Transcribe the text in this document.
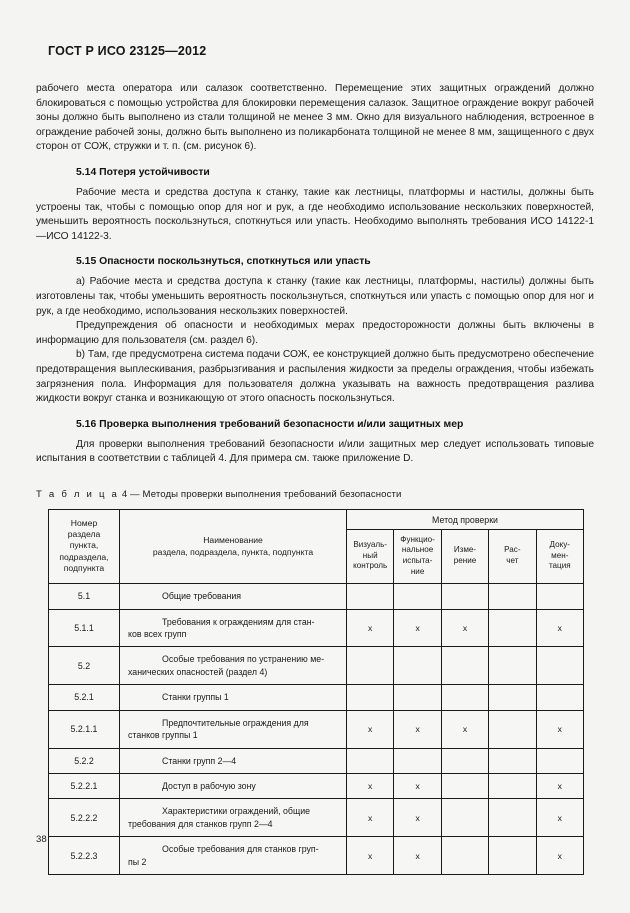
ГОСТ Р ИСО 23125—2012

рабочего места оператора или салазок соответственно. Перемещение этих защитных ограждений должно блокироваться с помощью устройства для блокировки перемещения салазок. Защитное ограждение вокруг рабочей зоны должно быть выполнено из стали толщиной не менее 3 мм. Окно для визуального наблюдения, встроенное в ограждение рабочей зоны, должно быть выполнено из поликарбоната толщиной не менее 8 мм, защищенного с двух сторон от СОЖ, стружки и т. п. (см. рисунок 6).

5.14 Потеря устойчивости

Рабочие места и средства доступа к станку, такие как лестницы, платформы и настилы, должны быть устроены так, чтобы с помощью опор для ног и рук, а где необходимо использование нескользких поверхностей, уменьшить вероятность поскользнуться, споткнуться или упасть. Необходимо выполнять требования ИСО 14122-1—ИСО 14122-3.

5.15 Опасности поскользнуться, споткнуться или упасть

а) Рабочие места и средства доступа к станку (такие как лестницы, платформы, настилы) должны быть изготовлены так, чтобы уменьшить вероятность поскользнуться, споткнуться или упасть с помощью опор для ног и рук, а где необходимо, использования нескользких поверхностей.

Предупреждения об опасности и необходимых мерах предосторожности должны быть включены в информацию для пользователя (см. раздел 6).

b) Там, где предусмотрена система подачи СОЖ, ее конструкцией должно быть предусмотрено обеспечение предотвращения выплескивания, разбрызгивания и распыления жидкости за пределы ограждения, чтобы избежать загрязнения пола. Информация для пользователя должна указывать на важность предотвращения разлива жидкости вокруг станка и возникающую от этого опасность поскользнуться.

5.16 Проверка выполнения требований безопасности и/или защитных мер

Для проверки выполнения требований безопасности и/или защитных мер следует использовать типовые испытания в соответствии с таблицей 4. Для примера см. также приложение D.

Т а б л и ц а 4 — Методы проверки выполнения требований безопасности
Номер
раздела
пункта,
подраздела,
подпункта

Наименование
раздела, подраздела, пункта, подпункта
	Метод проверки

Визуаль-
ный
контроль

Функцио-
нальное
испыта-
ние

Изме-
рение

Рас-
чет

Доку-
мен-
тация

5.1	Общие требования					

5.1.1	Требования к ограждениям для стан-
ков всех групп	х	х	х		х
5.2	Особые требования по устранению ме-
ханических опасностей (раздел 4)					

5.2.1	Станки группы 1					

5.2.1.1	Предпочтительные ограждения для
станков группы 1	х	х	х		х
5.2.2	Станки групп 2—4					

5.2.2.1	Доступ в рабочую зону	х	х			х
5.2.2.2	Характеристики ограждений, общие
требования для станков групп 2—4	х	х			х
5.2.2.3	Особые требования для станков груп-
пы 2	х	х			х
38
